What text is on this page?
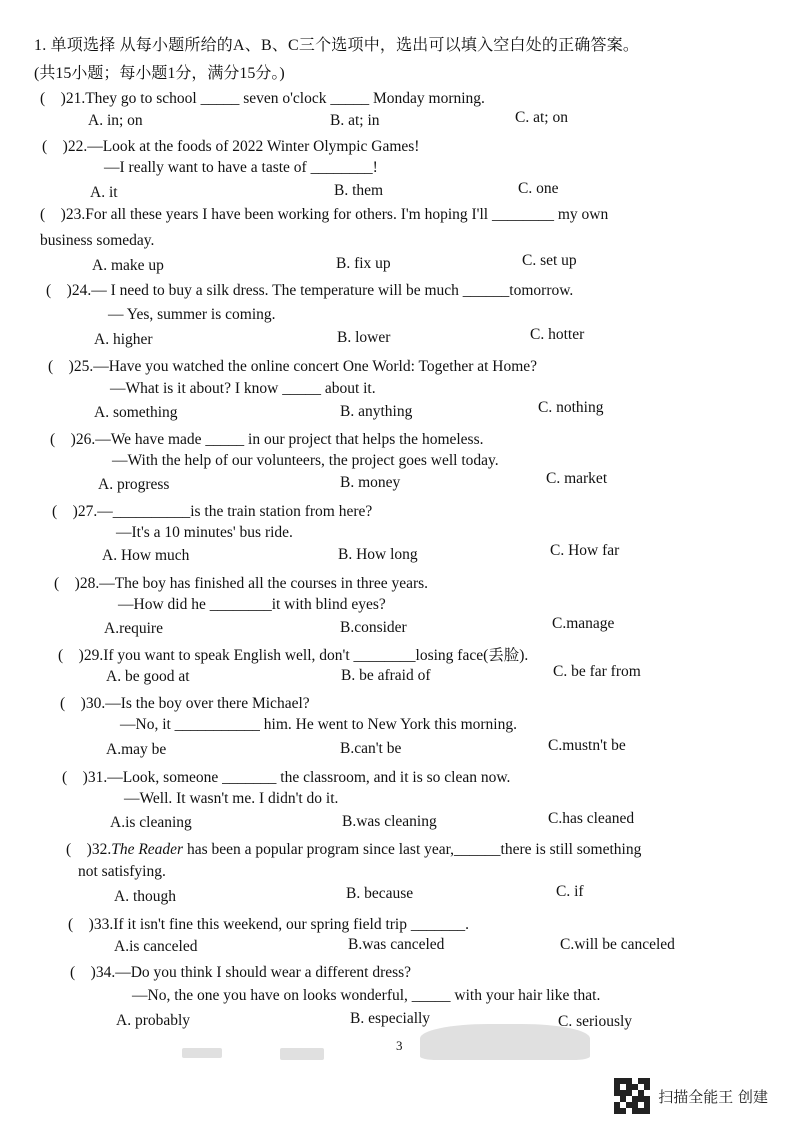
1. 单项选择 从每小题所给的A、B、C三个选项中，选出可以填入空白处的正确答案。
(共15小题；每小题1分，满分15分。)
(　)21.They go to school _____ seven o'clock _____ Monday morning.
A. in; on	B. at; in	C. at; on
(　)22.—Look at the foods of 2022 Winter Olympic Games!
—I really want to have a taste of ________!
A. it	B. them	C. one
(　)23.For all these years I have been working for others. I'm hoping I'll ________ my own
business someday.
A. make up	B. fix up	C. set up
(　)24.— I need to buy a silk dress. The temperature will be much ______tomorrow.
— Yes, summer is coming.
A. higher	B. lower	C. hotter
(　)25.—Have you watched the online concert One World: Together at Home?
—What is it about? I know _____ about it.
A. something	B. anything	C. nothing
(　)26.—We have made _____ in our project that helps the homeless.
—With the help of our volunteers, the project goes well today.
A. progress	B. money	C. market
(　)27.—__________is the train station from here?
—It's a 10 minutes' bus ride.
A. How much	B. How long	C. How far
(　)28.—The boy has finished all the courses in three years.
—How did he ________it with blind eyes?
A.require	B.consider	C.manage
(　)29.If you want to speak English well, don't ________losing face(丢脸).
A. be good at	B. be afraid of	C. be far from
(　)30.—Is the boy over there Michael?
—No, it ___________ him. He went to New York this morning.
A.may be	B.can't be	C.mustn't be
(　)31.—Look, someone _______ the classroom, and it is so clean now.
—Well. It wasn't me. I didn't do it.
A.is cleaning	B.was cleaning	C.has cleaned
(　)32.The Reader has been a popular program since last year,______there is still something
not satisfying.
A. though	B. because	C. if
(　)33.If it isn't fine this weekend, our spring field trip _______.
A.is canceled	B.was canceled	C.will be canceled
(　)34.—Do you think I should wear a different dress?
—No, the one you have on looks wonderful, _____ with your hair like that.
A. probably	B. especially	C. seriously
3
扫描全能王 创建
